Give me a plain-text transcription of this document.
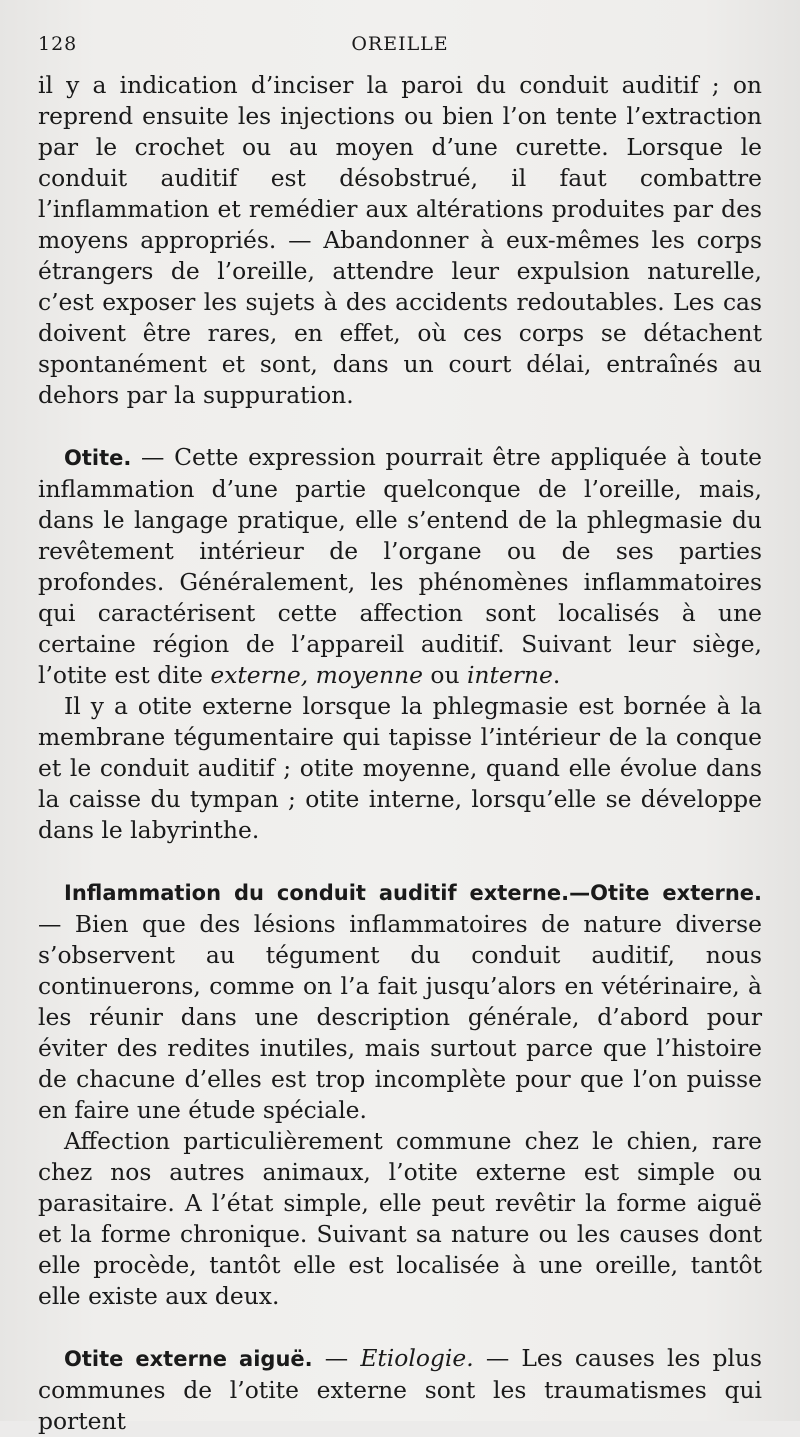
128	OREILLE

il y a indication d’inciser la paroi du conduit auditif ; on reprend ensuite les injections ou bien l’on tente l’extraction par le crochet ou au moyen d’une curette. Lorsque le conduit auditif est désobstrué, il faut combattre l’inflammation et remédier aux altérations produites par des moyens appropriés. — Abandonner à eux-mêmes les corps étrangers de l’oreille, attendre leur expulsion naturelle, c’est exposer les sujets à des accidents redoutables. Les cas doivent être rares, en effet, où ces corps se détachent spontanément et sont, dans un court délai, entraînés au dehors par la suppuration.

Otite. — Cette expression pourrait être appliquée à toute inflammation d’une partie quelconque de l’oreille, mais, dans le langage pratique, elle s’entend de la phlegmasie du revêtement intérieur de l’organe ou de ses parties profondes. Généralement, les phénomènes inflammatoires qui caractérisent cette affection sont localisés à une certaine région de l’appareil auditif. Suivant leur siège, l’otite est dite externe, moyenne ou interne.

Il y a otite externe lorsque la phlegmasie est bornée à la membrane tégumentaire qui tapisse l’intérieur de la conque et le conduit auditif ; otite moyenne, quand elle évolue dans la caisse du tympan ; otite interne, lorsqu’elle se développe dans le labyrinthe.

Inflammation du conduit auditif externe.—Otite externe. — Bien que des lésions inflammatoires de nature diverse s’observent au tégument du conduit auditif, nous continuerons, comme on l’a fait jusqu’alors en vétérinaire, à les réunir dans une description générale, d’abord pour éviter des redites inutiles, mais surtout parce que l’histoire de chacune d’elles est trop incomplète pour que l’on puisse en faire une étude spéciale.

Affection particulièrement commune chez le chien, rare chez nos autres animaux, l’otite externe est simple ou parasitaire. A l’état simple, elle peut revêtir la forme aiguë et la forme chronique. Suivant sa nature ou les causes dont elle procède, tantôt elle est localisée à une oreille, tantôt elle existe aux deux.

Otite externe aiguë. — Etiologie. — Les causes les plus communes de l’otite externe sont les traumatismes qui portent
